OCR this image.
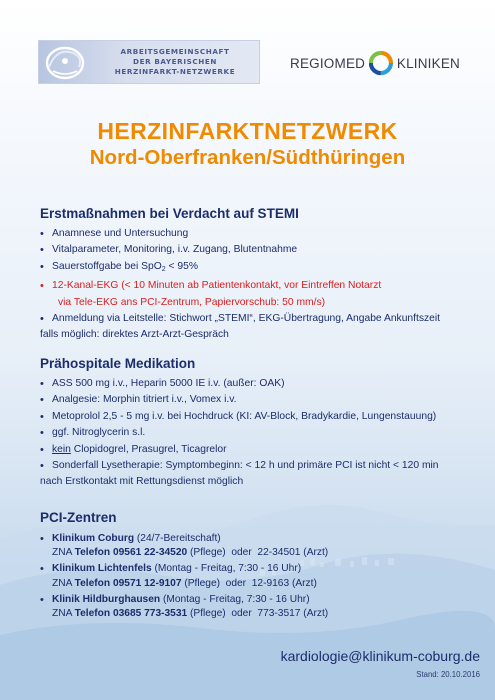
ARBEITSGEMEINSCHAFT
DER BAYERISCHEN
HERZINFARKT-NETZWERKE
REGIOMED KLINIKEN
HERZINFARKTNETZWERK
Nord-Oberfranken/Südthüringen
Erstmaßnahmen bei Verdacht auf STEMI
• Anamnese und Untersuchung
• Vitalparameter, Monitoring, i.v. Zugang, Blutentnahme
• Sauerstoffgabe bei SpO$_2$ < 95%
• 12-Kanal-EKG (< 10 Minuten ab Patientenkontakt, vor Eintreffen Notarzt
via Tele-EKG ans PCI-Zentrum, Papiervorschub: 50 mm/s)
• Anmeldung via Leitstelle: Stichwort „STEMI“, EKG-Übertragung, Angabe Ankunftszeit
falls möglich: direktes Arzt-Arzt-Gespräch
Prähospitale Medikation
• ASS 500 mg i.v., Heparin 5000 IE i.v. (außer: OAK)
• Analgesie: Morphin titriert i.v., Vomex i.v.
• Metoprolol 2,5 - 5 mg i.v. bei Hochdruck (KI: AV-Block, Bradykardie, Lungenstauung)
• ggf. Nitroglycerin s.l.
• kein Clopidogrel, Prasugrel, Ticagrelor
• Sonderfall Lysetherapie: Symptombeginn: < 12 h und primäre PCI ist nicht < 120 min
nach Erstkontakt mit Rettungsdienst möglich
PCI-Zentren
• Klinikum Coburg (24/7-Bereitschaft)
ZNA Telefon 09561 22-34520 (Pflege)  oder  22-34501 (Arzt)
• Klinikum Lichtenfels (Montag - Freitag, 7:30 - 16 Uhr)
ZNA Telefon 09571 12-9107 (Pflege)  oder  12-9163 (Arzt)
• Klinik Hildburghausen (Montag - Freitag, 7:30 - 16 Uhr)
ZNA Telefon 03685 773-3531 (Pflege)  oder  773-3517 (Arzt)
kardiologie@klinikum-coburg.de
Stand: 20.10.2016
